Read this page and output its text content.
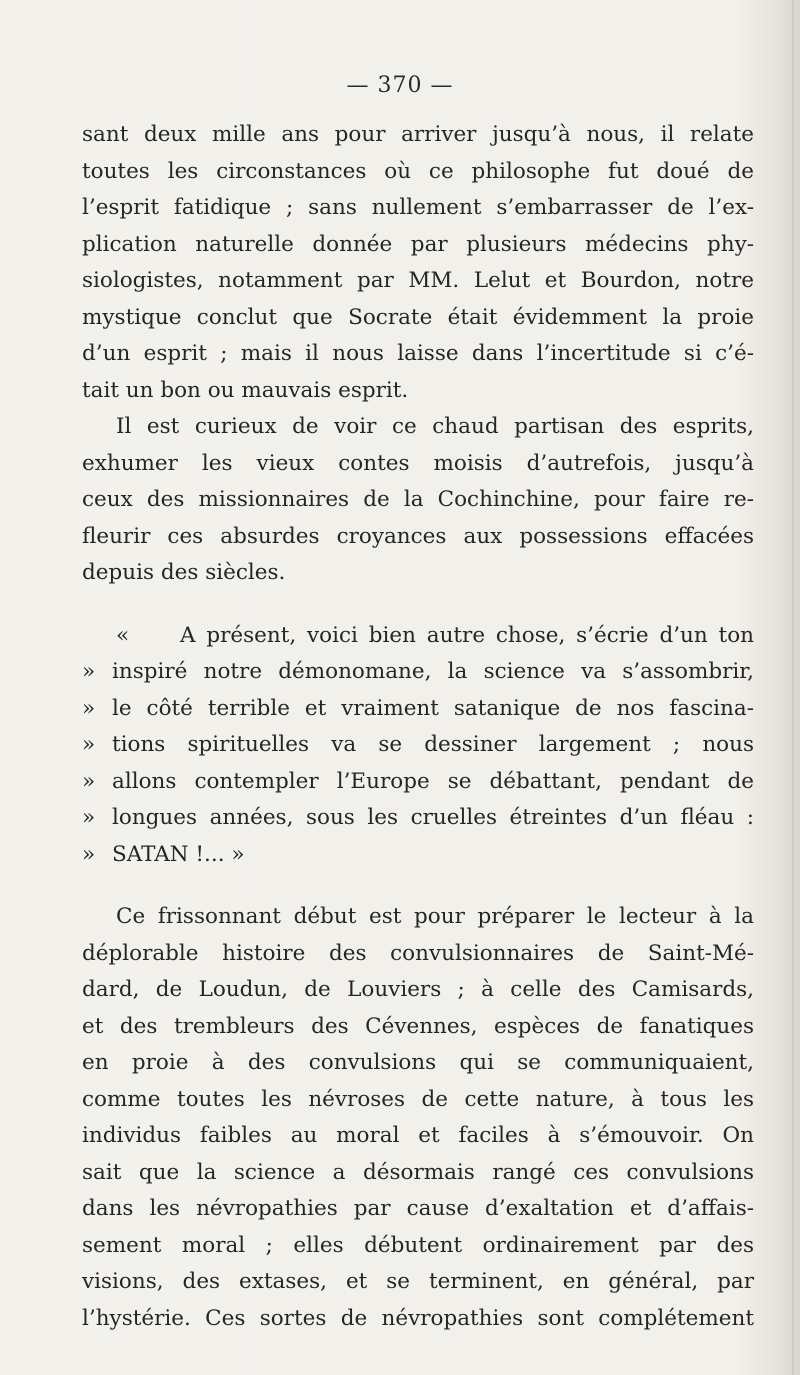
— 370 —

sant deux mille ans pour arriver jusqu’à nous, il relate
toutes les circonstances où ce philosophe fut doué de
l’esprit fatidique ; sans nullement s’embarrasser de l’ex-
plication naturelle donnée par plusieurs médecins phy-
siologistes, notamment par MM. Lelut et Bourdon, notre
mystique conclut que Socrate était évidemment la proie
d’un esprit ; mais il nous laisse dans l’incertitude si c’é-
tait un bon ou mauvais esprit.

Il est curieux de voir ce chaud partisan des esprits,
exhumer les vieux contes moisis d’autrefois, jusqu’à
ceux des missionnaires de la Cochinchine, pour faire re-
fleurir ces absurdes croyances aux possessions effacées
depuis des siècles.

«	A présent, voici bien autre chose, s’écrie d’un ton
» inspiré notre démonomane, la science va s’assombrir,
» le côté terrible et vraiment satanique de nos fascina-
» tions spirituelles va se dessiner largement ; nous
» allons contempler l’Europe se débattant, pendant de
» longues années, sous les cruelles étreintes d’un fléau :
» SATAN !... »

Ce frissonnant début est pour préparer le lecteur à la
déplorable histoire des convulsionnaires de Saint-Mé-
dard, de Loudun, de Louviers ; à celle des Camisards,
et des trembleurs des Cévennes, espèces de fanatiques
en proie à des convulsions qui se communiquaient,
comme toutes les névroses de cette nature, à tous les
individus faibles au moral et faciles à s’émouvoir. On
sait que la science a désormais rangé ces convulsions
dans les névropathies par cause d’exaltation et d’affais-
sement moral ; elles débutent ordinairement par des
visions, des extases, et se terminent, en général, par
l’hystérie. Ces sortes de névropathies sont complétement
